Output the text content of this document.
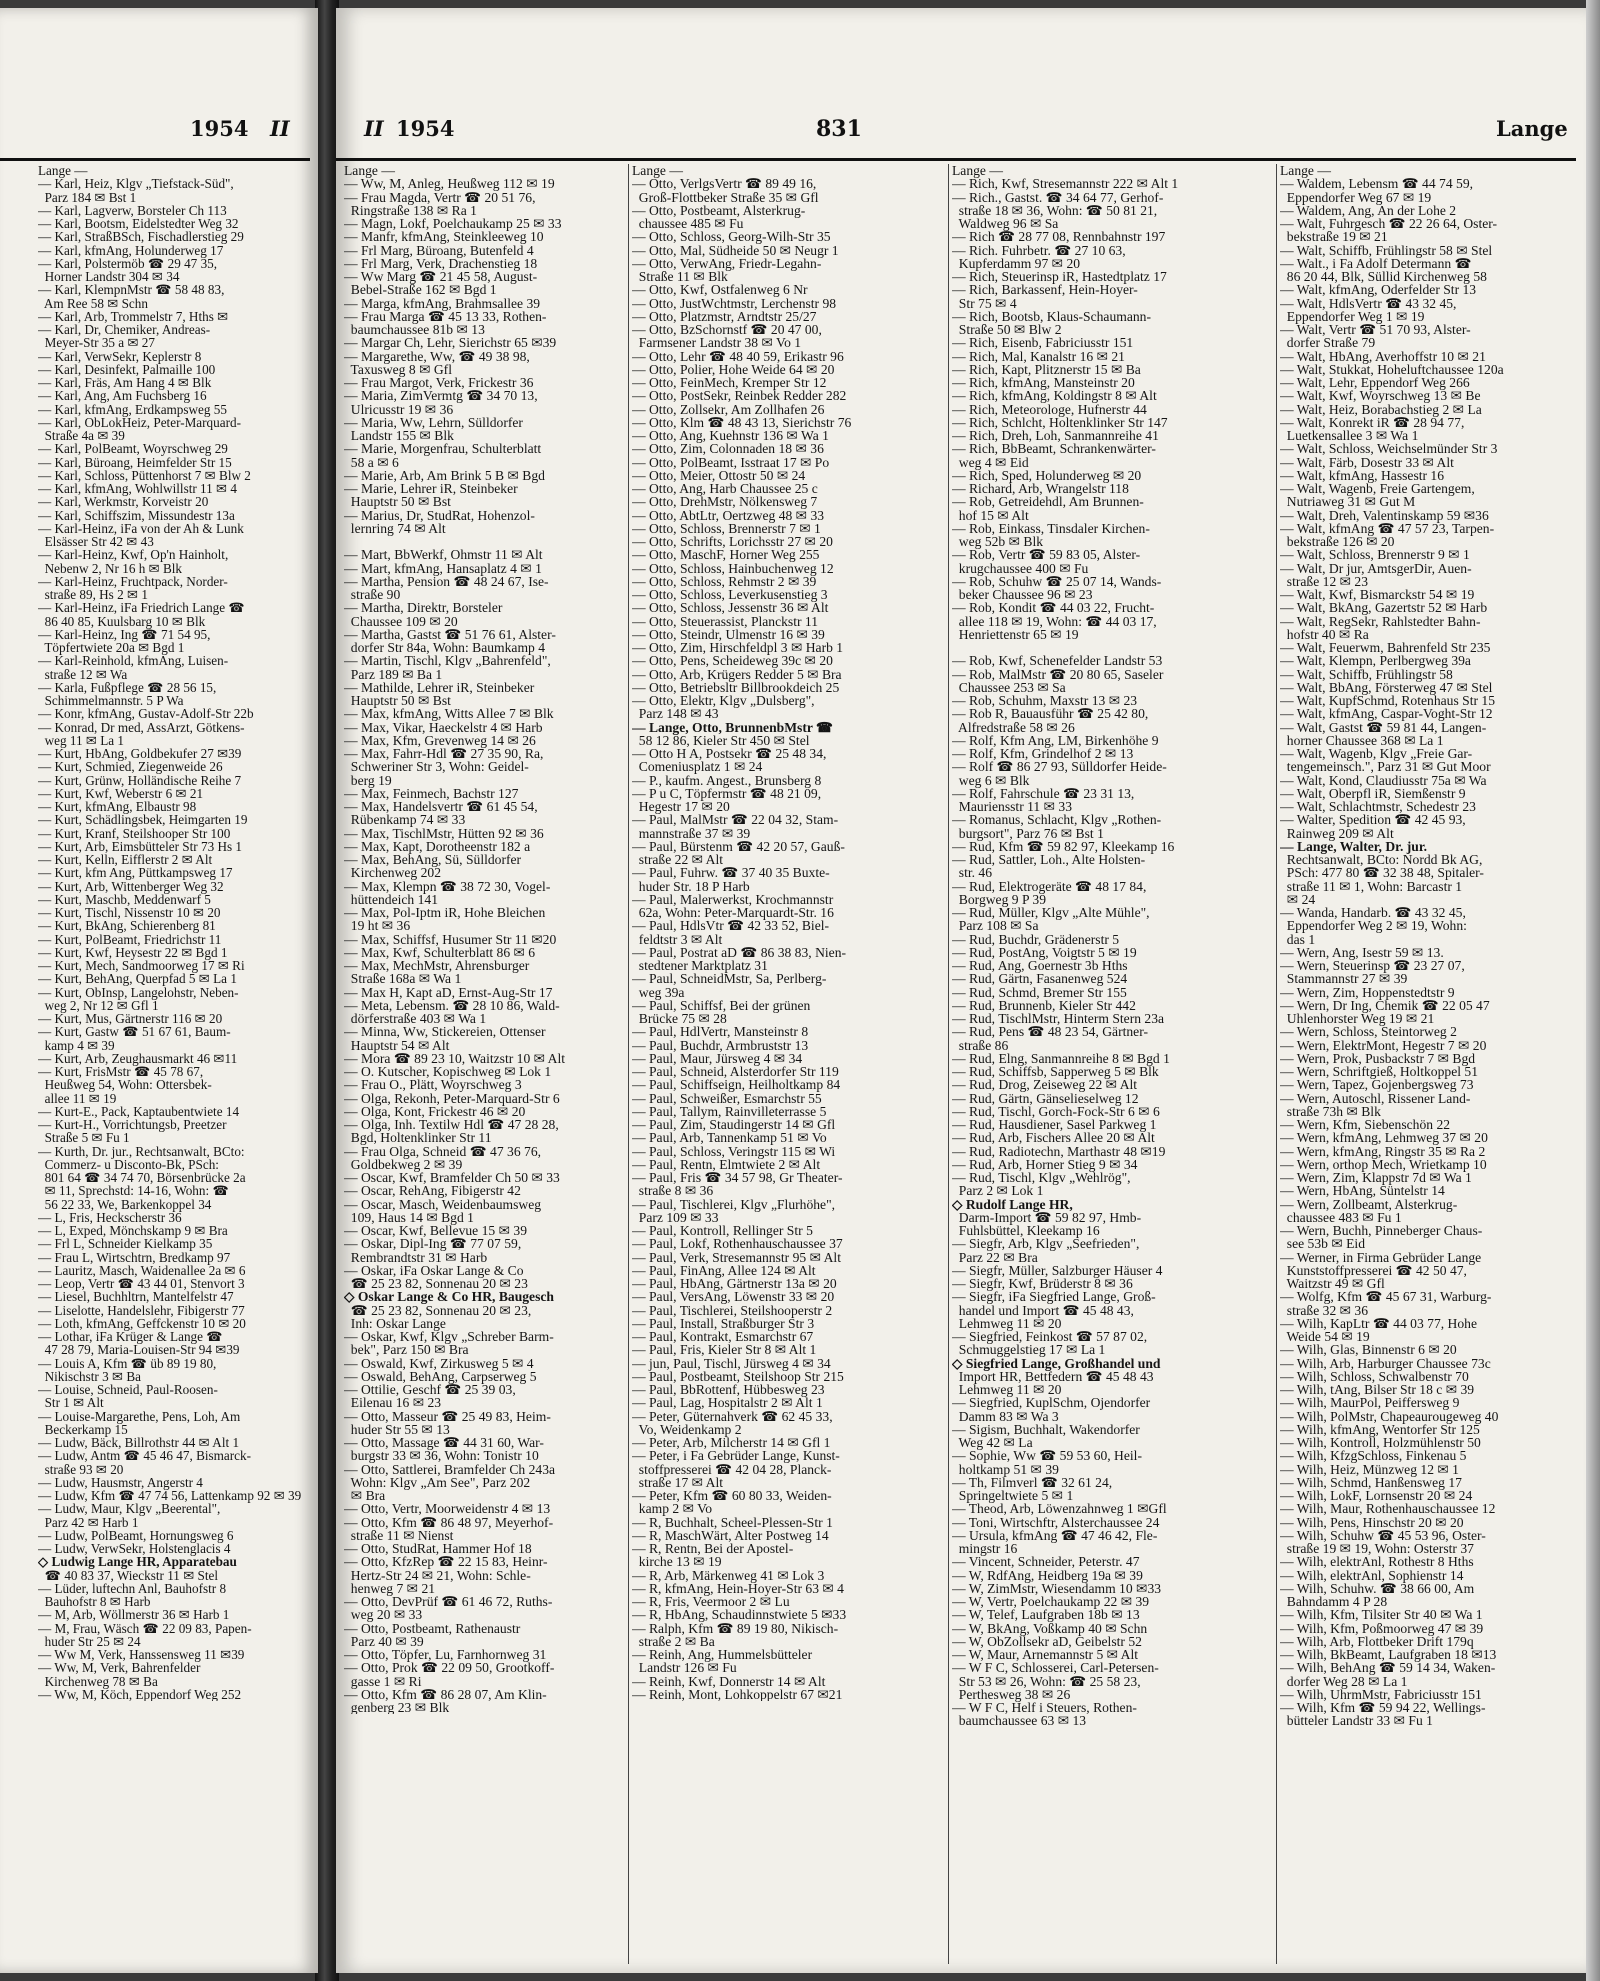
1954 II
Lange —
— Karl, Heiz, Klgv „Tiefstack-Süd",
Parz 184 ✉ Bst 1
— Karl, Lagverw, Borsteler Ch 113
— Karl, Bootsm, Eidelstedter Weg 32
— Karl, StraßBSch, Fischadlerstieg 29
— Karl, kfmAng, Holunderweg 17
— Karl, Polstermöb ☎ 29 47 35,
Horner Landstr 304 ✉ 34
— Karl, KlempnMstr ☎ 58 48 83,
Am Ree 58 ✉ Schn
— Karl, Arb, Trommelstr 7, Hths ✉
— Karl, Dr, Chemiker, Andreas-
Meyer-Str 35 a ✉ 27
— Karl, VerwSekr, Keplerstr 8
— Karl, Desinfekt, Palmaille 100
— Karl, Fräs, Am Hang 4 ✉ Blk
— Karl, Ang, Am Fuchsberg 16
— Karl, kfmAng, Erdkampsweg 55
— Karl, ObLokHeiz, Peter-Marquard-
Straße 4a ✉ 39
— Karl, PolBeamt, Woyrschweg 29
— Karl, Büroang, Heimfelder Str 15
— Karl, Schloss, Püttenhorst 7 ✉ Blw 2
— Karl, kfmAng, Wohlwillstr 11 ✉ 4
— Karl, Werkmstr, Korveistr 20
— Karl, Schiffszim, Missundestr 13a
— Karl-Heinz, iFa von der Ah & Lunk
Elsässer Str 42 ✉ 43
— Karl-Heinz, Kwf, Op'n Hainholt,
Nebenw 2, Nr 16 h ✉ Blk
— Karl-Heinz, Fruchtpack, Norder-
straße 89, Hs 2 ✉ 1
— Karl-Heinz, iFa Friedrich Lange ☎
86 40 85, Kuulsbarg 10 ✉ Blk
— Karl-Heinz, Ing ☎ 71 54 95,
Töpfertwiete 20a ✉ Bgd 1
— Karl-Reinhold, kfmAng, Luisen-
straße 12 ✉ Wa
— Karla, Fußpflege ☎ 28 56 15,
Schimmelmannstr. 5 P Wa
— Konr, kfmAng, Gustav-Adolf-Str 22b
— Konrad, Dr med, AssArzt, Götkens-
weg 11 ✉ La 1
— Kurt, HbAng, Goldbekufer 27 ✉39
— Kurt, Schmied, Ziegenweide 26
— Kurt, Grünw, Holländische Reihe 7
— Kurt, Kwf, Weberstr 6 ✉ 21
— Kurt, kfmAng, Elbaustr 98
— Kurt, Schädlingsbek, Heimgarten 19
— Kurt, Kranf, Steilshooper Str 100
— Kurt, Arb, Eimsbütteler Str 73 Hs 1
— Kurt, Kelln, Eifflerstr 2 ✉ Alt
— Kurt, kfm Ang, Püttkampsweg 17
— Kurt, Arb, Wittenberger Weg 32
— Kurt, Maschb, Meddenwarf 5
— Kurt, Tischl, Nissenstr 10 ✉ 20
— Kurt, BkAng, Schierenberg 81
— Kurt, PolBeamt, Friedrichstr 11
— Kurt, Kwf, Heysestr 22 ✉ Bgd 1
— Kurt, Mech, Sandmoorweg 17 ✉ Ri
— Kurt, BehAng, Querpfad 5 ✉ La 1
— Kurt, ObInsp, Langelohstr, Neben-
weg 2, Nr 12 ✉ Gfl 1
— Kurt, Mus, Gärtnerstr 116 ✉ 20
— Kurt, Gastw ☎ 51 67 61, Baum-
kamp 4 ✉ 39
— Kurt, Arb, Zeughausmarkt 46 ✉11
— Kurt, FrisMstr ☎ 45 78 67,
Heußweg 54, Wohn: Ottersbek-
allee 11 ✉ 19
— Kurt-E., Pack, Kaptaubentwiete 14
— Kurt-H., Vorrichtungsb, Preetzer
Straße 5 ✉ Fu 1
— Kurth, Dr. jur., Rechtsanwalt, BCto:
Commerz- u Disconto-Bk, PSch:
801 64 ☎ 34 74 70, Börsenbrücke 2a
✉ 11, Sprechstd: 14-16, Wohn: ☎
56 22 33, We, Barkenkoppel 34
— L, Fris, Heckscherstr 36
— L, Exped, Mönchskamp 9 ✉ Bra
— Frl L, Schneider Kielkamp 35
— Frau L, Wirtschtrn, Bredkamp 97
— Lauritz, Masch, Waidenallee 2a ✉ 6
— Leop, Vertr ☎ 43 44 01, Stenvort 3
— Liesel, Buchhltrn, Mantelfelstr 47
— Liselotte, Handelslehr, Fibigerstr 77
— Loth, kfmAng, Geffckenstr 10 ✉ 20
— Lothar, iFa Krüger & Lange ☎
47 28 79, Maria-Louisen-Str 94 ✉39
— Louis A, Kfm ☎ üb 89 19 80,
Nikischstr 3 ✉ Ba
— Louise, Schneid, Paul-Roosen-
Str 1 ✉ Alt
— Louise-Margarethe, Pens, Loh, Am
Beckerkamp 15
— Ludw, Bäck, Billrothstr 44 ✉ Alt 1
— Ludw, Antm ☎ 45 46 47, Bismarck-
straße 93 ✉ 20
— Ludw, Hausmstr, Angerstr 4
— Ludw, Kfm ☎ 47 74 56, Lattenkamp 92 ✉ 39
— Ludw, Maur, Klgv „Beerental",
Parz 42 ✉ Harb 1
— Ludw, PolBeamt, Hornungsweg 6
— Ludw, VerwSekr, Holstenglacis 4
◇ Ludwig Lange HR, Apparatebau
☎ 40 83 37, Wieckstr 11 ✉ Stel
— Lüder, luftechn Anl, Bauhofstr 8
Bauhofstr 8 ✉ Harb
— M, Arb, Wöllmerstr 36 ✉ Harb 1
— M, Frau, Wäsch ☎ 22 09 83, Papen-
huder Str 25 ✉ 24
— Ww M, Verk, Hanssensweg 11 ✉39
— Ww, M, Verk, Bahrenfelder
Kirchenweg 78 ✉ Ba
— Ww, M, Köch, Eppendorf Weg 252
II 1954	831	Lange
Lange —
— Ww, M, Anleg, Heußweg 112 ✉ 19
— Frau Magda, Vertr ☎ 20 51 76,
Ringstraße 138 ✉ Ra 1
— Magn, Lokf, Poelchaukamp 25 ✉ 33
— Manfr, kfmAng, Steinkleeweg 10
— Frl Marg, Büroang, Butenfeld 4
— Frl Marg, Verk, Drachenstieg 18
— Ww Marg ☎ 21 45 58, August-
Bebel-Straße 162 ✉ Bgd 1
— Marga, kfmAng, Brahmsallee 39
— Frau Marga ☎ 45 13 33, Rothen-
baumchaussee 81b ✉ 13
— Margar Ch, Lehr, Sierichstr 65 ✉39
— Margarethe, Ww, ☎ 49 38 98,
Taxusweg 8 ✉ Gfl
— Frau Margot, Verk, Frickestr 36
— Maria, ZimVermtg ☎ 34 70 13,
Ulricusstr 19 ✉ 36
— Maria, Ww, Lehrn, Sülldorfer
Landstr 155 ✉ Blk
— Marie, Morgenfrau, Schulterblatt
58 a ✉ 6
— Marie, Arb, Am Brink 5 B ✉ Bgd
— Marie, Lehrer iR, Steinbeker
Hauptstr 50 ✉ Bst
— Marius, Dr, StudRat, Hohenzol-
lernring 74 ✉ Alt

— Mart, BbWerkf, Ohmstr 11 ✉ Alt
— Mart, kfmAng, Hansaplatz 4 ✉ 1
— Martha, Pension ☎ 48 24 67, Ise-
straße 90
— Martha, Direktr, Borsteler
Chaussee 109 ✉ 20
— Martha, Gastst ☎ 51 76 61, Alster-
dorfer Str 84a, Wohn: Baumkamp 4
— Martin, Tischl, Klgv „Bahrenfeld",
Parz 189 ✉ Ba 1
— Mathilde, Lehrer iR, Steinbeker
Hauptstr 50 ✉ Bst
— Max, kfmAng, Witts Allee 7 ✉ Blk
— Max, Vikar, Haeckelstr 4 ✉ Harb
— Max, Kfm, Grevenweg 14 ✉ 26
— Max, Fahrr-Hdl ☎ 27 35 90, Ra,
Schweriner Str 3, Wohn: Geidel-
berg 19
— Max, Feinmech, Bachstr 127
— Max, Handelsvertr ☎ 61 45 54,
Rübenkamp 74 ✉ 33
— Max, TischlMstr, Hütten 92 ✉ 36
— Max, Kapt, Dorotheenstr 182 a
— Max, BehAng, Sü, Sülldorfer
Kirchenweg 202
— Max, Klempn ☎ 38 72 30, Vogel-
hüttendeich 141
— Max, Pol-Iptm iR, Hohe Bleichen
19 ht ✉ 36
— Max, Schiffsf, Husumer Str 11 ✉20
— Max, Kwf, Schulterblatt 86 ✉ 6
— Max, MechMstr, Ahrensburger
Straße 168a ✉ Wa 1
— Max H, Kapt aD, Ernst-Aug-Str 17
— Meta, Lebensm. ☎ 28 10 86, Wald-
dörferstraße 403 ✉ Wa 1
— Minna, Ww, Stickereien, Ottenser
Hauptstr 54 ✉ Alt
— Mora ☎ 89 23 10, Waitzstr 10 ✉ Alt
— O. Kutscher, Kopischweg ✉ Lok 1
— Frau O., Plätt, Woyrschweg 3
— Olga, Rekonh, Peter-Marquard-Str 6
— Olga, Kont, Frickestr 46 ✉ 20
— Olga, Inh. Textilw Hdl ☎ 47 28 28,
Bgd, Holtenklinker Str 11
— Frau Olga, Schneid ☎ 47 36 76,
Goldbekweg 2 ✉ 39
— Oscar, Kwf, Bramfelder Ch 50 ✉ 33
— Oscar, RehAng, Fibigerstr 42
— Oscar, Masch, Weidenbaumsweg
109, Haus 14 ✉ Bgd 1
— Oscar, Kwf, Bellevue 15 ✉ 39
— Oskar, Dipl-Ing ☎ 77 07 59,
Rembrandtstr 31 ✉ Harb
— Oskar, iFa Oskar Lange & Co
☎ 25 23 82, Sonnenau 20 ✉ 23
◇ Oskar Lange & Co HR, Baugesch
☎ 25 23 82, Sonnenau 20 ✉ 23,
Inh: Oskar Lange
— Oskar, Kwf, Klgv „Schreber Barm-
bek", Parz 150 ✉ Bra
— Oswald, Kwf, Zirkusweg 5 ✉ 4
— Oswald, BehAng, Carpserweg 5
— Ottilie, Geschf ☎ 25 39 03,
Eilenau 16 ✉ 23
— Otto, Masseur ☎ 25 49 83, Heim-
huder Str 55 ✉ 13
— Otto, Massage ☎ 44 31 60, War-
burgstr 33 ✉ 36, Wohn: Tonistr 10
— Otto, Sattlerei, Bramfelder Ch 243a
Wohn: Klgv „Am See", Parz 202
✉ Bra
— Otto, Vertr, Moorweidenstr 4 ✉ 13
— Otto, Kfm ☎ 86 48 97, Meyerhof-
straße 11 ✉ Nienst
— Otto, StudRat, Hammer Hof 18
— Otto, KfzRep ☎ 22 15 83, Heinr-
Hertz-Str 24 ✉ 21, Wohn: Schle-
henweg 7 ✉ 21
— Otto, DevPrüf ☎ 61 46 72, Ruths-
weg 20 ✉ 33
— Otto, Postbeamt, Rathenaustr
Parz 40 ✉ 39
— Otto, Töpfer, Lu, Farnhornweg 31
— Otto, Prok ☎ 22 09 50, Grootkoff-
gasse 1 ✉ Ri
— Otto, Kfm ☎ 86 28 07, Am Klin-
genberg 23 ✉ Blk
Lange —
— Otto, VerlgsVertr ☎ 89 49 16,
Groß-Flottbeker Straße 35 ✉ Gfl
— Otto, Postbeamt, Alsterkrug-
chaussee 485 ✉ Fu
— Otto, Schloss, Georg-Wilh-Str 35
— Otto, Mal, Südheide 50 ✉ Neugr 1
— Otto, VerwAng, Friedr-Legahn-
Straße 11 ✉ Blk
— Otto, Kwf, Ostfalenweg 6 Nr
— Otto, JustWchtmstr, Lerchenstr 98
— Otto, Platzmstr, Arndtstr 25/27
— Otto, BzSchornstf ☎ 20 47 00,
Farmsener Landstr 38 ✉ Vo 1
— Otto, Lehr ☎ 48 40 59, Erikastr 96
— Otto, Polier, Hohe Weide 64 ✉ 20
— Otto, FeinMech, Kremper Str 12
— Otto, PostSekr, Reinbek Redder 282
— Otto, Zollsekr, Am Zollhafen 26
— Otto, Klm ☎ 48 43 13, Sierichstr 76
— Otto, Ang, Kuehnstr 136 ✉ Wa 1
— Otto, Zim, Colonnaden 18 ✉ 36
— Otto, PolBeamt, Isstraat 17 ✉ Po
— Otto, Meier, Ottostr 50 ✉ 24
— Otto, Ang, Harb Chaussee 25 c
— Otto, DrehMstr, Nölkensweg 7
— Otto, AbtLtr, Oertzweg 48 ✉ 33
— Otto, Schloss, Brennerstr 7 ✉ 1
— Otto, Schrifts, Lorichsstr 27 ✉ 20
— Otto, MaschF, Horner Weg 255
— Otto, Schloss, Hainbuchenweg 12
— Otto, Schloss, Rehmstr 2 ✉ 39
— Otto, Schloss, Leverkusenstieg 3
— Otto, Schloss, Jessenstr 36 ✉ Alt
— Otto, Steuerassist, Planckstr 11
— Otto, Steindr, Ulmenstr 16 ✉ 39
— Otto, Zim, Hirschfeldpl 3 ✉ Harb 1
— Otto, Pens, Scheideweg 39c ✉ 20
— Otto, Arb, Krügers Redder 5 ✉ Bra
— Otto, Betriebsltr Billbrookdeich 25
— Otto, Elektr, Klgv „Dulsberg",
Parz 148 ✉ 43
— Lange, Otto, BrunnenbMstr ☎
58 12 86, Kieler Str 450 ✉ Stel
— Otto H A, Postsekr ☎ 25 48 34,
Comeniusplatz 1 ✉ 24
— P., kaufm. Angest., Brunsberg 8
— P u C, Töpfermstr ☎ 48 21 09,
Hegestr 17 ✉ 20
— Paul, MalMstr ☎ 22 04 32, Stam-
mannstraße 37 ✉ 39
— Paul, Bürstenm ☎ 42 20 57, Gauß-
straße 22 ✉ Alt
— Paul, Fuhrw. ☎ 37 40 35 Buxte-
huder Str. 18 P Harb
— Paul, Malerwerkst, Krochmannstr
62a, Wohn: Peter-Marquardt-Str. 16
— Paul, HdlsVtr ☎ 42 33 52, Biel-
feldtstr 3 ✉ Alt
— Paul, Postrat aD ☎ 86 38 83, Nien-
stedtener Marktplatz 31
— Paul, SchneidMstr, Sa, Perlberg-
weg 39a
— Paul, Schiffsf, Bei der grünen
Brücke 75 ✉ 28
— Paul, HdlVertr, Mansteinstr 8
— Paul, Buchdr, Armbruststr 13
— Paul, Maur, Jürsweg 4 ✉ 34
— Paul, Schneid, Alsterdorfer Str 119
— Paul, Schiffseign, Heilholtkamp 84
— Paul, Schweißer, Esmarchstr 55
— Paul, Tallym, Rainvilleterrasse 5
— Paul, Zim, Staudingerstr 14 ✉ Gfl
— Paul, Arb, Tannenkamp 51 ✉ Vo
— Paul, Schloss, Veringstr 115 ✉ Wi
— Paul, Rentn, Elmtwiete 2 ✉ Alt
— Paul, Fris ☎ 34 57 98, Gr Theater-
straße 8 ✉ 36
— Paul, Tischlerei, Klgv „Flurhöhe",
Parz 109 ✉ 33
— Paul, Kontroll, Rellinger Str 5
— Paul, Lokf, Rothenhauschaussee 37
— Paul, Verk, Stresemannstr 95 ✉ Alt
— Paul, FinAng, Allee 124 ✉ Alt
— Paul, HbAng, Gärtnerstr 13a ✉ 20
— Paul, VersAng, Löwenstr 33 ✉ 20
— Paul, Tischlerei, Steilshooperstr 2
— Paul, Install, Straßburger Str 3
— Paul, Kontrakt, Esmarchstr 67
— Paul, Fris, Kieler Str 8 ✉ Alt 1
— jun, Paul, Tischl, Jürsweg 4 ✉ 34
— Paul, Postbeamt, Steilshoop Str 215
— Paul, BbRottenf, Hübbesweg 23
— Paul, Lag, Hospitalstr 2 ✉ Alt 1
— Peter, Güternahverk ☎ 62 45 33,
Vo, Weidenkamp 2
— Peter, Arb, Milcherstr 14 ✉ Gfl 1
— Peter, i Fa Gebrüder Lange, Kunst-
stoffpresserei ☎ 42 04 28, Planck-
straße 17 ✉ Alt
— Peter, Kfm ☎ 60 80 33, Weiden-
kamp 2 ✉ Vo
— R, Buchhalt, Scheel-Plessen-Str 1
— R, MaschWärt, Alter Postweg 14
— R, Rentn, Bei der Apostel-
kirche 13 ✉ 19
— R, Arb, Märkenweg 41 ✉ Lok 3
— R, kfmAng, Hein-Hoyer-Str 63 ✉ 4
— R, Fris, Veermoor 2 ✉ Lu
— R, HbAng, Schaudinnstwiete 5 ✉33
— Ralph, Kfm ☎ 89 19 80, Nikisch-
straße 2 ✉ Ba
— Reinh, Ang, Hummelsbütteler
Landstr 126 ✉ Fu
— Reinh, Kwf, Donnerstr 14 ✉ Alt
— Reinh, Mont, Lohkoppelstr 67 ✉21
Lange —
— Rich, Kwf, Stresemannstr 222 ✉ Alt 1
— Rich., Gastst. ☎ 34 64 77, Gerhof-
straße 18 ✉ 36, Wohn: ☎ 50 81 21,
Waldweg 96 ✉ Sa
— Rich ☎ 28 77 08, Rennbahnstr 197
— Rich. Fuhrbetr. ☎ 27 10 63,
Kupferdamm 97 ✉ 20
— Rich, Steuerinsp iR, Hastedtplatz 17
— Rich, Barkassenf, Hein-Hoyer-
Str 75 ✉ 4
— Rich, Bootsb, Klaus-Schaumann-
Straße 50 ✉ Blw 2
— Rich, Eisenb, Fabriciusstr 151
— Rich, Mal, Kanalstr 16 ✉ 21
— Rich, Kapt, Plitznerstr 15 ✉ Ba
— Rich, kfmAng, Mansteinstr 20
— Rich, kfmAng, Koldingstr 8 ✉ Alt
— Rich, Meteorologe, Hufnerstr 44
— Rich, Schlcht, Holtenklinker Str 147
— Rich, Dreh, Loh, Sanmannreihe 41
— Rich, BbBeamt, Schrankenwärter-
weg 4 ✉ Eid
— Rich, Sped, Holunderweg ✉ 20
— Richard, Arb, Wrangelstr 118
— Rob, Getreidehdl, Am Brunnen-
hof 15 ✉ Alt
— Rob, Einkass, Tinsdaler Kirchen-
weg 52b ✉ Blk
— Rob, Vertr ☎ 59 83 05, Alster-
krugchaussee 400 ✉ Fu
— Rob, Schuhw ☎ 25 07 14, Wands-
beker Chaussee 96 ✉ 23
— Rob, Kondit ☎ 44 03 22, Frucht-
allee 118 ✉ 19, Wohn: ☎ 44 03 17,
Henriettenstr 65 ✉ 19

— Rob, Kwf, Schenefelder Landstr 53
— Rob, MalMstr ☎ 20 80 65, Saseler
Chaussee 253 ✉ Sa
— Rob, Schuhm, Maxstr 13 ✉ 23
— Rob R, Bauausführ ☎ 25 42 80,
Alfredstraße 58 ✉ 26
— Rolf, Kfm Ang, LM, Birkenhöhe 9
— Rolf, Kfm, Grindelhof 2 ✉ 13
— Rolf ☎ 86 27 93, Sülldorfer Heide-
weg 6 ✉ Blk
— Rolf, Fahrschule ☎ 23 31 13,
Mauriensstr 11 ✉ 33
— Romanus, Schlacht, Klgv „Rothen-
burgsort", Parz 76 ✉ Bst 1
— Rud, Kfm ☎ 59 82 97, Kleekamp 16
— Rud, Sattler, Loh., Alte Holsten-
str. 46
— Rud, Elektrogeräte ☎ 48 17 84,
Borgweg 9 P 39
— Rud, Müller, Klgv „Alte Mühle",
Parz 108 ✉ Sa
— Rud, Buchdr, Grädenerstr 5
— Rud, PostAng, Voigtstr 5 ✉ 19
— Rud, Ang, Goernestr 3b Hths
— Rud, Gärtn, Fasanenweg 524
— Rud, Schmd, Bremer Str 155
— Rud, Brunnenb, Kieler Str 442
— Rud, TischlMstr, Hinterm Stern 23a
— Rud, Pens ☎ 48 23 54, Gärtner-
straße 86
— Rud, Elng, Sanmannreihe 8 ✉ Bgd 1
— Rud, Schiffsb, Sapperweg 5 ✉ Blk
— Rud, Drog, Zeiseweg 22 ✉ Alt
— Rud, Gärtn, Gänselieselweg 12
— Rud, Tischl, Gorch-Fock-Str 6 ✉ 6
— Rud, Hausdiener, Sasel Parkweg 1
— Rud, Arb, Fischers Allee 20 ✉ Alt
— Rud, Radiotechn, Marthastr 48 ✉19
— Rud, Arb, Horner Stieg 9 ✉ 34
— Rud, Tischl, Klgv „Wehlrög",
Parz 2 ✉ Lok 1
◇ Rudolf Lange HR,
Darm-Import ☎ 59 82 97, Hmb-
Fuhlsbüttel, Kleekamp 16
— Siegfr, Arb, Klgv „Seefrieden",
Parz 22 ✉ Bra
— Siegfr, Müller, Salzburger Häuser 4
— Siegfr, Kwf, Brüderstr 8 ✉ 36
— Siegfr, iFa Siegfried Lange, Groß-
handel und Import ☎ 45 48 43,
Lehmweg 11 ✉ 20
— Siegfried, Feinkost ☎ 57 87 02,
Schmuggelstieg 17 ✉ La 1
◇ Siegfried Lange, Großhandel und
Import HR, Bettfedern ☎ 45 48 43
Lehmweg 11 ✉ 20
— Siegfried, KuplSchm, Ojendorfer
Damm 83 ✉ Wa 3
— Sigism, Buchhalt, Wakendorfer
Weg 42 ✉ La
— Sophie, Ww ☎ 59 53 60, Heil-
holtkamp 51 ✉ 39
— Th, Filmverl ☎ 32 61 24,
Springeltwiete 5 ✉ 1
— Theod, Arb, Löwenzahnweg 1 ✉Gfl
— Toni, Wirtschftr, Alsterchaussee 24
— Ursula, kfmAng ☎ 47 46 42, Fle-
mingstr 16
— Vincent, Schneider, Peterstr. 47
— W, RdfAng, Heidberg 19a ✉ 39
— W, ZimMstr, Wiesendamm 10 ✉33
— W, Vertr, Poelchaukamp 22 ✉ 39
— W, Telef, Laufgraben 18b ✉ 13
— W, BkAng, Voßkamp 40 ✉ Schn
— W, ObZollsekr aD, Geibelstr 52
— W, Maur, Arnemannstr 5 ✉ Alt
— W F C, Schlosserei, Carl-Petersen-
Str 53 ✉ 26, Wohn: ☎ 25 58 23,
Perthesweg 38 ✉ 26
— W F C, Helf i Steuers, Rothen-
baumchaussee 63 ✉ 13
Lange —
— Waldem, Lebensm ☎ 44 74 59,
Eppendorfer Weg 67 ✉ 19
— Waldem, Ang, An der Lohe 2
— Walt, Fuhrgesch ☎ 22 26 64, Oster-
bekstraße 19 ✉ 21
— Walt, Schiffb, Frühlingstr 58 ✉ Stel
— Walt., i Fa Adolf Determann ☎
86 20 44, Blk, Süllid Kirchenweg 58
— Walt, kfmAng, Oderfelder Str 13
— Walt, HdlsVertr ☎ 43 32 45,
Eppendorfer Weg 1 ✉ 19
— Walt, Vertr ☎ 51 70 93, Alster-
dorfer Straße 79
— Walt, HbAng, Averhoffstr 10 ✉ 21
— Walt, Stukkat, Hoheluftchaussee 120a
— Walt, Lehr, Eppendorf Weg 266
— Walt, Kwf, Woyrschweg 13 ✉ Be
— Walt, Heiz, Borabachstieg 2 ✉ La
— Walt, Konrekt iR ☎ 28 94 77,
Luetkensallee 3 ✉ Wa 1
— Walt, Schloss, Weichselmünder Str 3
— Walt, Färb, Dosestr 33 ✉ Alt
— Walt, kfmAng, Hassestr 16
— Walt, Wagenb, Freie Gartengem,
Nutriaweg 31 ✉ Gut M
— Walt, Dreh, Valentinskamp 59 ✉36
— Walt, kfmAng ☎ 47 57 23, Tarpen-
bekstraße 126 ✉ 20
— Walt, Schloss, Brennerstr 9 ✉ 1
— Walt, Dr jur, AmtsgerDir, Auen-
straße 12 ✉ 23
— Walt, Kwf, Bismarckstr 54 ✉ 19
— Walt, BkAng, Gazertstr 52 ✉ Harb
— Walt, RegSekr, Rahlstedter Bahn-
hofstr 40 ✉ Ra
— Walt, Feuerwm, Bahrenfeld Str 235
— Walt, Klempn, Perlbergweg 39a
— Walt, Schiffb, Frühlingstr 58
— Walt, BbAng, Försterweg 47 ✉ Stel
— Walt, KupfSchmd, Rotenhaus Str 15
— Walt, kfmAng, Caspar-Voght-Str 12
— Walt, Gastst ☎ 59 81 44, Langen-
horner Chaussee 368 ✉ La 1
— Walt, Wagenb, Klgv „Freie Gar-
tengemeinsch.", Parz 31 ✉ Gut Moor
— Walt, Kond, Claudiusstr 75a ✉ Wa
— Walt, Oberpfl iR, Siemßenstr 9
— Walt, Schlachtmstr, Schedestr 23
— Walter, Spedition ☎ 42 45 93,
Rainweg 209 ✉ Alt
— Lange, Walter, Dr. jur.
Rechtsanwalt, BCto: Nordd Bk AG,
PSch: 477 80 ☎ 32 38 48, Spitaler-
straße 11 ✉ 1, Wohn: Barcastr 1
✉ 24
— Wanda, Handarb. ☎ 43 32 45,
Eppendorfer Weg 2 ✉ 19, Wohn:
das 1
— Wern, Ang, Isestr 59 ✉ 13.
— Wern, Steuerinsp ☎ 23 27 07,
Stammannstr 27 ✉ 39
— Wern, Zim, Hoppenstedtstr 9
— Wern, Dr Ing, Chemik ☎ 22 05 47
Uhlenhorster Weg 19 ✉ 21
— Wern, Schloss, Steintorweg 2
— Wern, ElektrMont, Hegestr 7 ✉ 20
— Wern, Prok, Pusbackstr 7 ✉ Bgd
— Wern, Schriftgieß, Holtkoppel 51
— Wern, Tapez, Gojenbergsweg 73
— Wern, Autoschl, Rissener Land-
straße 73h ✉ Blk
— Wern, Kfm, Siebenschön 22
— Wern, kfmAng, Lehmweg 37 ✉ 20
— Wern, kfmAng, Ringstr 35 ✉ Ra 2
— Wern, orthop Mech, Wrietkamp 10
— Wern, Zim, Klappstr 7d ✉ Wa 1
— Wern, HbAng, Süntelstr 14
— Wern, Zollbeamt, Alsterkrug-
chaussee 483 ✉ Fu 1
— Wern, Buchh, Pinneberger Chaus-
see 53b ✉ Eid
— Werner, in Firma Gebrüder Lange
Kunststoffpresserei ☎ 42 50 47,
Waitzstr 49 ✉ Gfl
— Wolfg, Kfm ☎ 45 67 31, Warburg-
straße 32 ✉ 36
— Wilh, KapLtr ☎ 44 03 77, Hohe
Weide 54 ✉ 19
— Wilh, Glas, Binnenstr 6 ✉ 20
— Wilh, Arb, Harburger Chaussee 73c
— Wilh, Schloss, Schwalbenstr 70
— Wilh, tAng, Bilser Str 18 c ✉ 39
— Wilh, MaurPol, Peiffersweg 9
— Wilh, PolMstr, Chapeaurougeweg 40
— Wilh, kfmAng, Wentorfer Str 125
— Wilh, Kontroll, Holzmühlenstr 50
— Wilh, KfzgSchloss, Finkenau 5
— Wilh, Heiz, Münzweg 12 ✉ 1
— Wilh, Schmd, Hanßensweg 17
— Wilh, LokF, Lornsenstr 20 ✉ 24
— Wilh, Maur, Rothenhauschaussee 12
— Wilh, Pens, Hinschstr 20 ✉ 20
— Wilh, Schuhw ☎ 45 53 96, Oster-
straße 19 ✉ 19, Wohn: Osterstr 37
— Wilh, elektrAnl, Rothestr 8 Hths
— Wilh, elektrAnl, Sophienstr 14
— Wilh, Schuhw. ☎ 38 66 00, Am
Bahndamm 4 P 28
— Wilh, Kfm, Tilsiter Str 40 ✉ Wa 1
— Wilh, Kfm, Poßmoorweg 47 ✉ 39
— Wilh, Arb, Flottbeker Drift 179q
— Wilh, BkBeamt, Laufgraben 18 ✉13
— Wilh, BehAng ☎ 59 14 34, Waken-
dorfer Weg 28 ✉ La 1
— Wilh, UhrmMstr, Fabriciusstr 151
— Wilh, Kfm ☎ 59 94 22, Wellings-
bütteler Landstr 33 ✉ Fu 1
